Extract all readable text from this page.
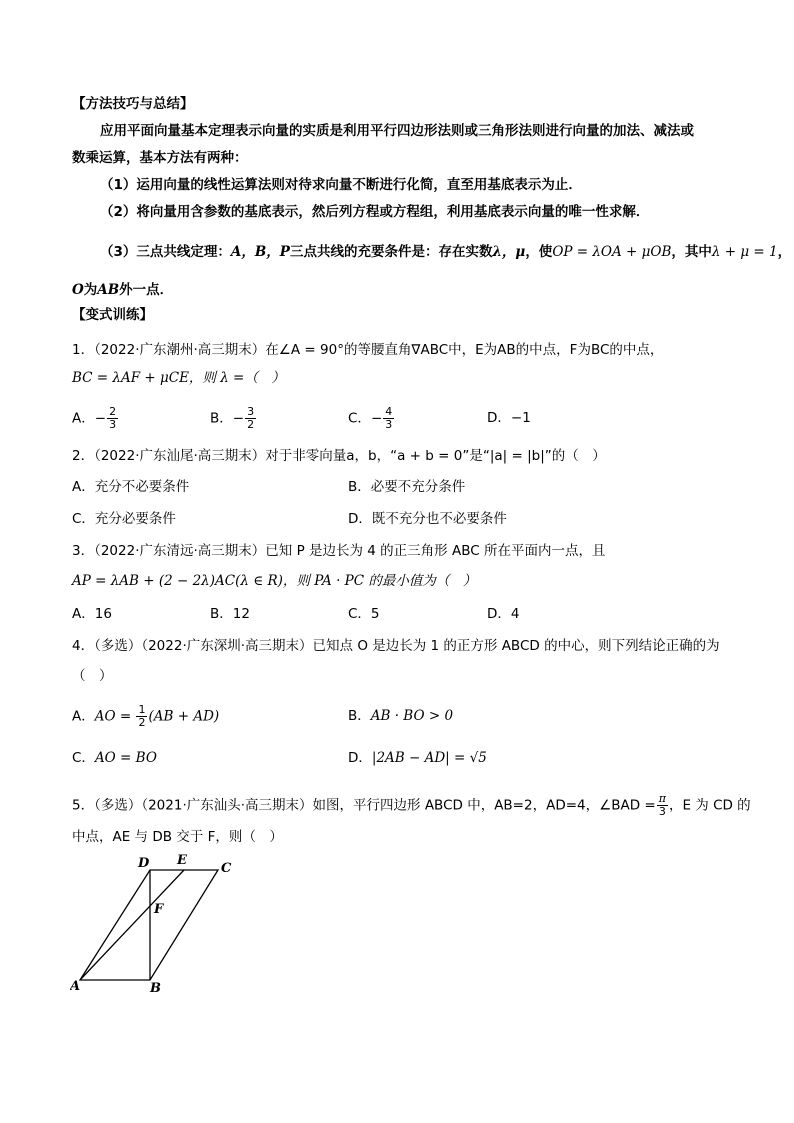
【方法技巧与总结】
应用平面向量基本定理表示向量的实质是利用平行四边形法则或三角形法则进行向量的加法、减法或
数乘运算，基本方法有两种：
（1）运用向量的线性运算法则对待求向量不断进行化简，直至用基底表示为止．
（2）将向量用含参数的基底表示，然后列方程或方程组，利用基底表示向量的唯一性求解．
（3）三点共线定理：A，B，P三点共线的充要条件是：存在实数λ，μ，使OP = λOA + μOB，其中λ + μ = 1，
O为AB外一点．
【变式训练】
1．（2022·广东潮州·高三期末）在∠A = 90°的等腰直角∇ABC中，E为AB的中点，F为BC的中点，
BC = λAF + μCE，则 λ =（　）
A．− $\frac{2}{3}$	B．− $\frac{3}{2}$	C．− $\frac{4}{3}$	D．−1
2．（2022·广东汕尾·高三期末）对于非零向量a，b，“a + b = 0”是“|a| = |b|”的（　）
A．充分不必要条件	B．必要不充分条件
C．充分必要条件	D．既不充分也不必要条件
3．（2022·广东清远·高三期末）已知 P 是边长为 4 的正三角形 ABC 所在平面内一点，且
AP = λAB + (2 − 2λ)AC(λ ∈ R)，则 PA · PC 的最小值为（　）
A．16	B．12	C．5	D．4
4．（多选）（2022·广东深圳·高三期末）已知点 O 是边长为 1 的正方形 ABCD 的中心，则下列结论正确的为
（　）
A．AO = $\frac{1}{2} (AB + AD)$	B．AB · BO > 0
C．AO = BO	D．|2AB − AD| = √5
5．（多选）（2021·广东汕头·高三期末）如图，平行四边形 ABCD 中，AB=2，AD=4，∠BAD = $\frac{\pi}{3}$ ，E 为 CD 的
中点，AE 与 DB 交于 F，则（　）
A	B
C
D E
F
